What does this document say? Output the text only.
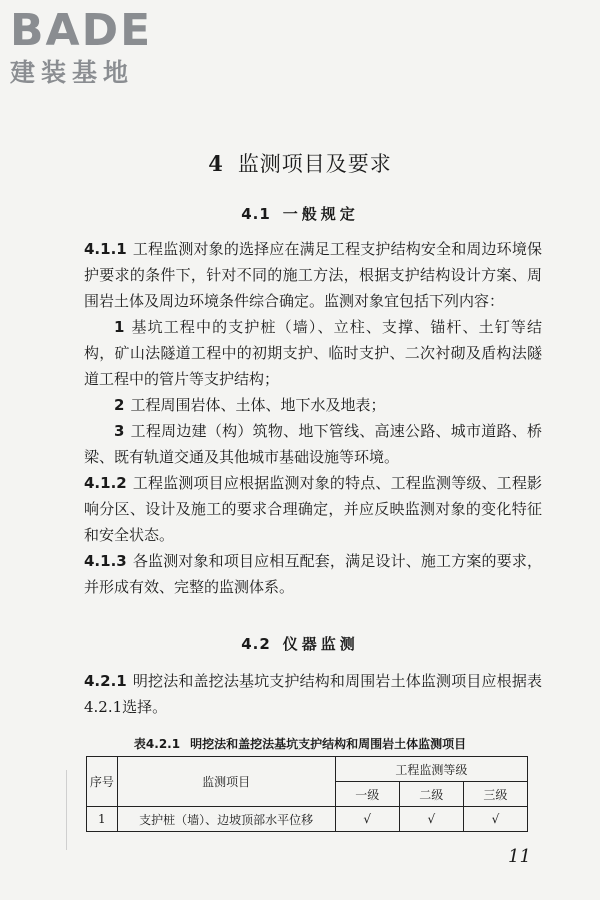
BADE
建装基地
4 监测项目及要求
4.1 一般规定

4.1.1 工程监测对象的选择应在满足工程支护结构安全和周边环境保护要求的条件下，针对不同的施工方法，根据支护结构设计方案、周围岩土体及周边环境条件综合确定。监测对象宜包括下列内容：

1 基坑工程中的支护桩（墙）、立柱、支撑、锚杆、土钉等结构，矿山法隧道工程中的初期支护、临时支护、二次衬砌及盾构法隧道工程中的管片等支护结构；

2 工程周围岩体、土体、地下水及地表；

3 工程周边建（构）筑物、地下管线、高速公路、城市道路、桥梁、既有轨道交通及其他城市基础设施等环境。

4.1.2 工程监测项目应根据监测对象的特点、工程监测等级、工程影响分区、设计及施工的要求合理确定，并应反映监测对象的变化特征和安全状态。

4.1.3 各监测对象和项目应相互配套，满足设计、施工方案的要求，并形成有效、完整的监测体系。

4.2 仪器监测

4.2.1 明挖法和盖挖法基坑支护结构和周围岩土体监测项目应根据表4.2.1选择。

表4.2.1 明挖法和盖挖法基坑支护结构和周围岩土体监测项目
序号	监测项目	工程监测等级		
		一级	二级	三级
1	支护桩（墙）、边坡顶部水平位移	√	√	√
11
